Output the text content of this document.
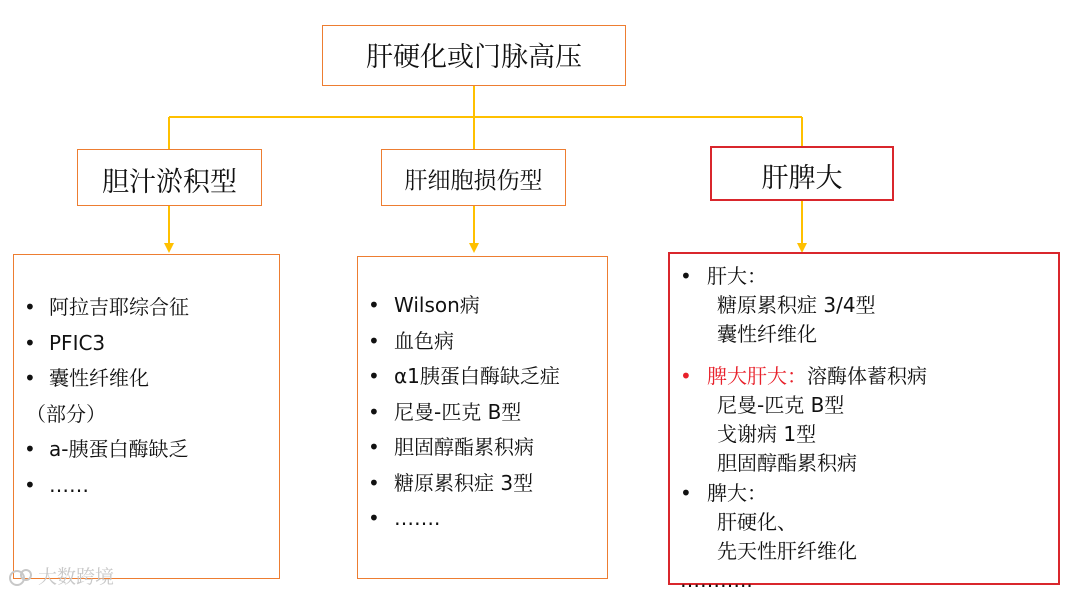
肝硬化或门脉高压
胆汁淤积型	肝细胞损伤型	肝脾大
• 阿拉吉耶综合征
• PFIC3
• 囊性纤维化
（部分）
• a-胰蛋白酶缺乏
• ……
• Wilson病
• 血色病
• α1胰蛋白酶缺乏症
• 尼曼-匹克 B型
• 胆固醇酯累积病
• 糖原累积症 3型
• …….
• 肝大：
糖原累积症 3/4型
囊性纤维化
• 脾大肝大：溶酶体蓄积病
尼曼-匹克 B型
戈谢病 1型
胆固醇酯累积病
• 脾大：
肝硬化、
先天性肝纤维化
………..
大数跨境
